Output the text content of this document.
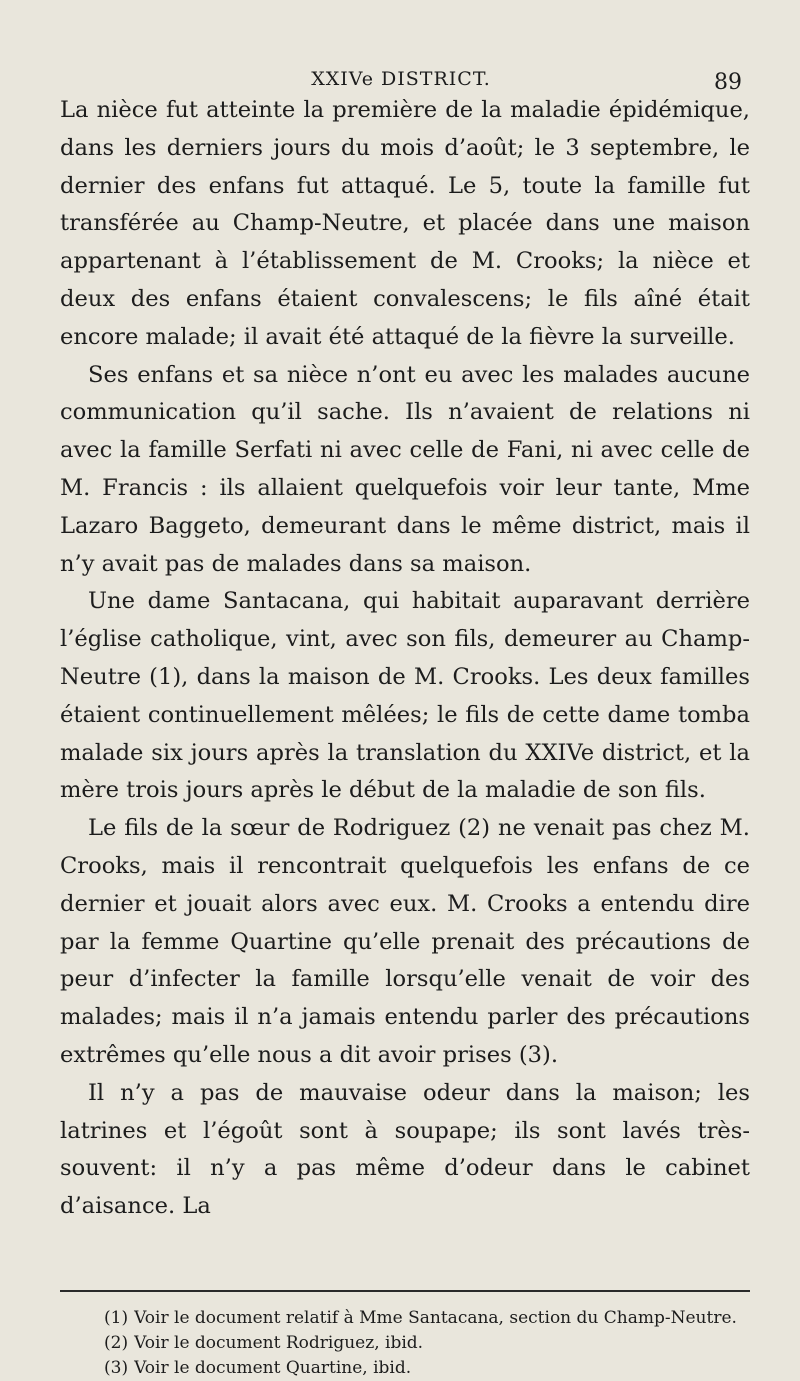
XXIVe DISTRICT.	89

La nièce fut atteinte la première de la maladie épidémique, dans les derniers jours du mois d’août; le 3 septembre, le dernier des enfans fut attaqué. Le 5, toute la famille fut transférée au Champ-Neutre, et placée dans une maison appartenant à l’établissement de M. Crooks; la nièce et deux des enfans étaient convalescens; le fils aîné était encore malade; il avait été attaqué de la fièvre la surveille.

Ses enfans et sa nièce n’ont eu avec les malades aucune communication qu’il sache. Ils n’avaient de relations ni avec la famille Serfati ni avec celle de Fani, ni avec celle de M. Francis : ils allaient quelquefois voir leur tante, Mme Lazaro Baggeto, demeurant dans le même district, mais il n’y avait pas de malades dans sa maison.

Une dame Santacana, qui habitait auparavant derrière l’église catholique, vint, avec son fils, demeurer au Champ-Neutre (1), dans la maison de M. Crooks. Les deux familles étaient continuellement mêlées; le fils de cette dame tomba malade six jours après la translation du XXIVe district, et la mère trois jours après le début de la maladie de son fils.

Le fils de la sœur de Rodriguez (2) ne venait pas chez M. Crooks, mais il rencontrait quelquefois les enfans de ce dernier et jouait alors avec eux. M. Crooks a entendu dire par la femme Quartine qu’elle prenait des précautions de peur d’infecter la famille lorsqu’elle venait de voir des malades; mais il n’a jamais entendu parler des précautions extrêmes qu’elle nous a dit avoir prises (3).

Il n’y a pas de mauvaise odeur dans la maison; les latrines et l’égoût sont à soupape; ils sont lavés très-souvent: il n’y a pas même d’odeur dans le cabinet d’aisance. La

(1) Voir le document relatif à Mme Santacana, section du Champ-Neutre.

(2) Voir le document Rodriguez, ibid.

(3) Voir le document Quartine, ibid.
